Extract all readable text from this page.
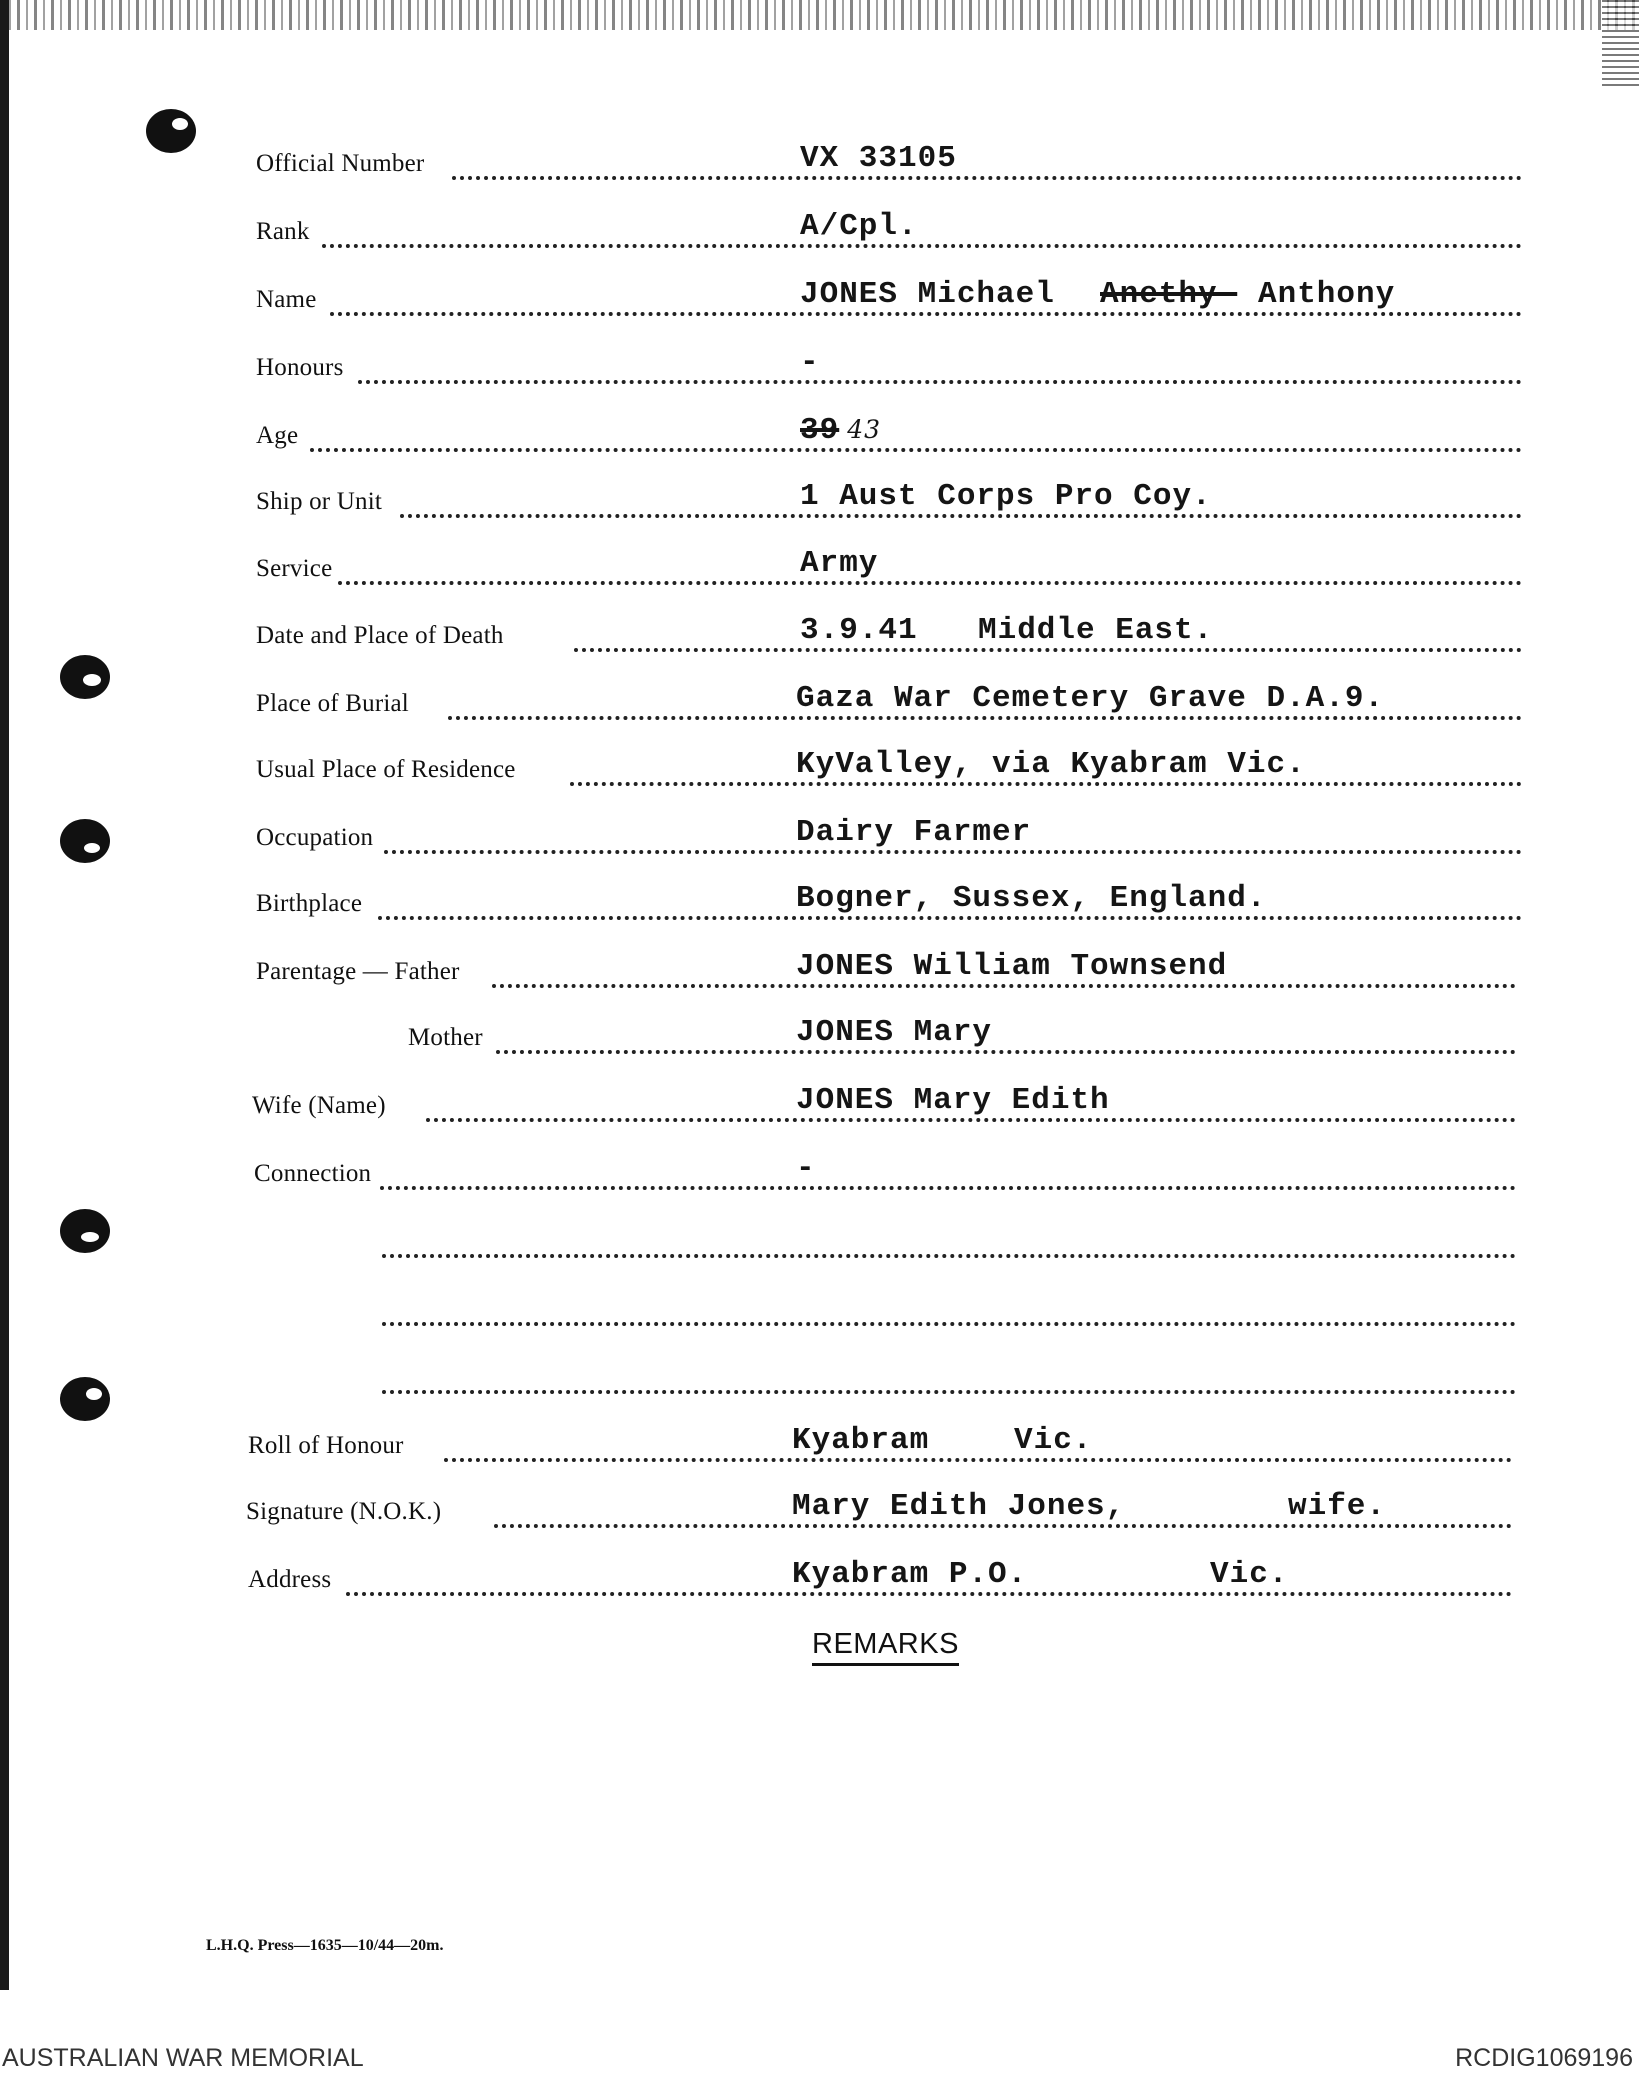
Official Number	VX 33105
Rank	A/Cpl.
Name	JONES Michael Anethy- Anthony
Honours	-
Age	39 43
Ship or Unit	1 Aust Corps Pro Coy.
Service	Army
Date and Place of Death	3.9.41 Middle East.
Place of Burial	Gaza War Cemetery Grave D.A.9.
Usual Place of Residence	KyValley, via Kyabram Vic.
Occupation	Dairy Farmer
Birthplace	Bogner, Sussex, England.
Parentage — Father	JONES William Townsend
Mother	JONES Mary
Wife (Name)	JONES Mary Edith
Connection	-
Roll of Honour	Kyabram	Vic.
Signature (N.O.K.)	Mary Edith Jones,	wife.
Address	Kyabram P.O.	Vic.
REMARKS
L.H.Q. Press—1635—10/44—20m.
AUSTRALIAN WAR MEMORIAL	RCDIG1069196
